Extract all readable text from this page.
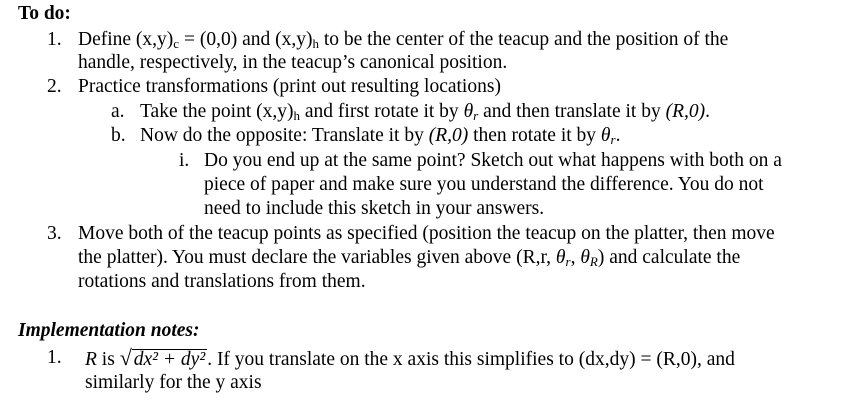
To do:
1. Define $(x,y)_c = (0,0)$ and $(x,y)_h$ to be the center of the teacup and the position of the
handle, respectively, in the teacup’s canonical position.
2. Practice transformations (print out resulting locations)
a. Take the point $(x,y)_h$ and first rotate it by $\theta_r$ and then translate it by (R,0).
b. Now do the opposite: Translate it by (R,0) then rotate it by $\theta_r$.
i. Do you end up at the same point? Sketch out what happens with both on a
piece of paper and make sure you understand the difference. You do not
need to include this sketch in your answers.
3. Move both of the teacup points as specified (position the teacup on the platter, then move
the platter). You must declare the variables given above (R,r, $\theta_r$, $\theta_R$) and calculate the
rotations and translations from them.
Implementation notes:
1. R is √ dx² + dy² . If you translate on the x axis this simplifies to (dx,dy) = (R,0), and
similarly for the y axis
